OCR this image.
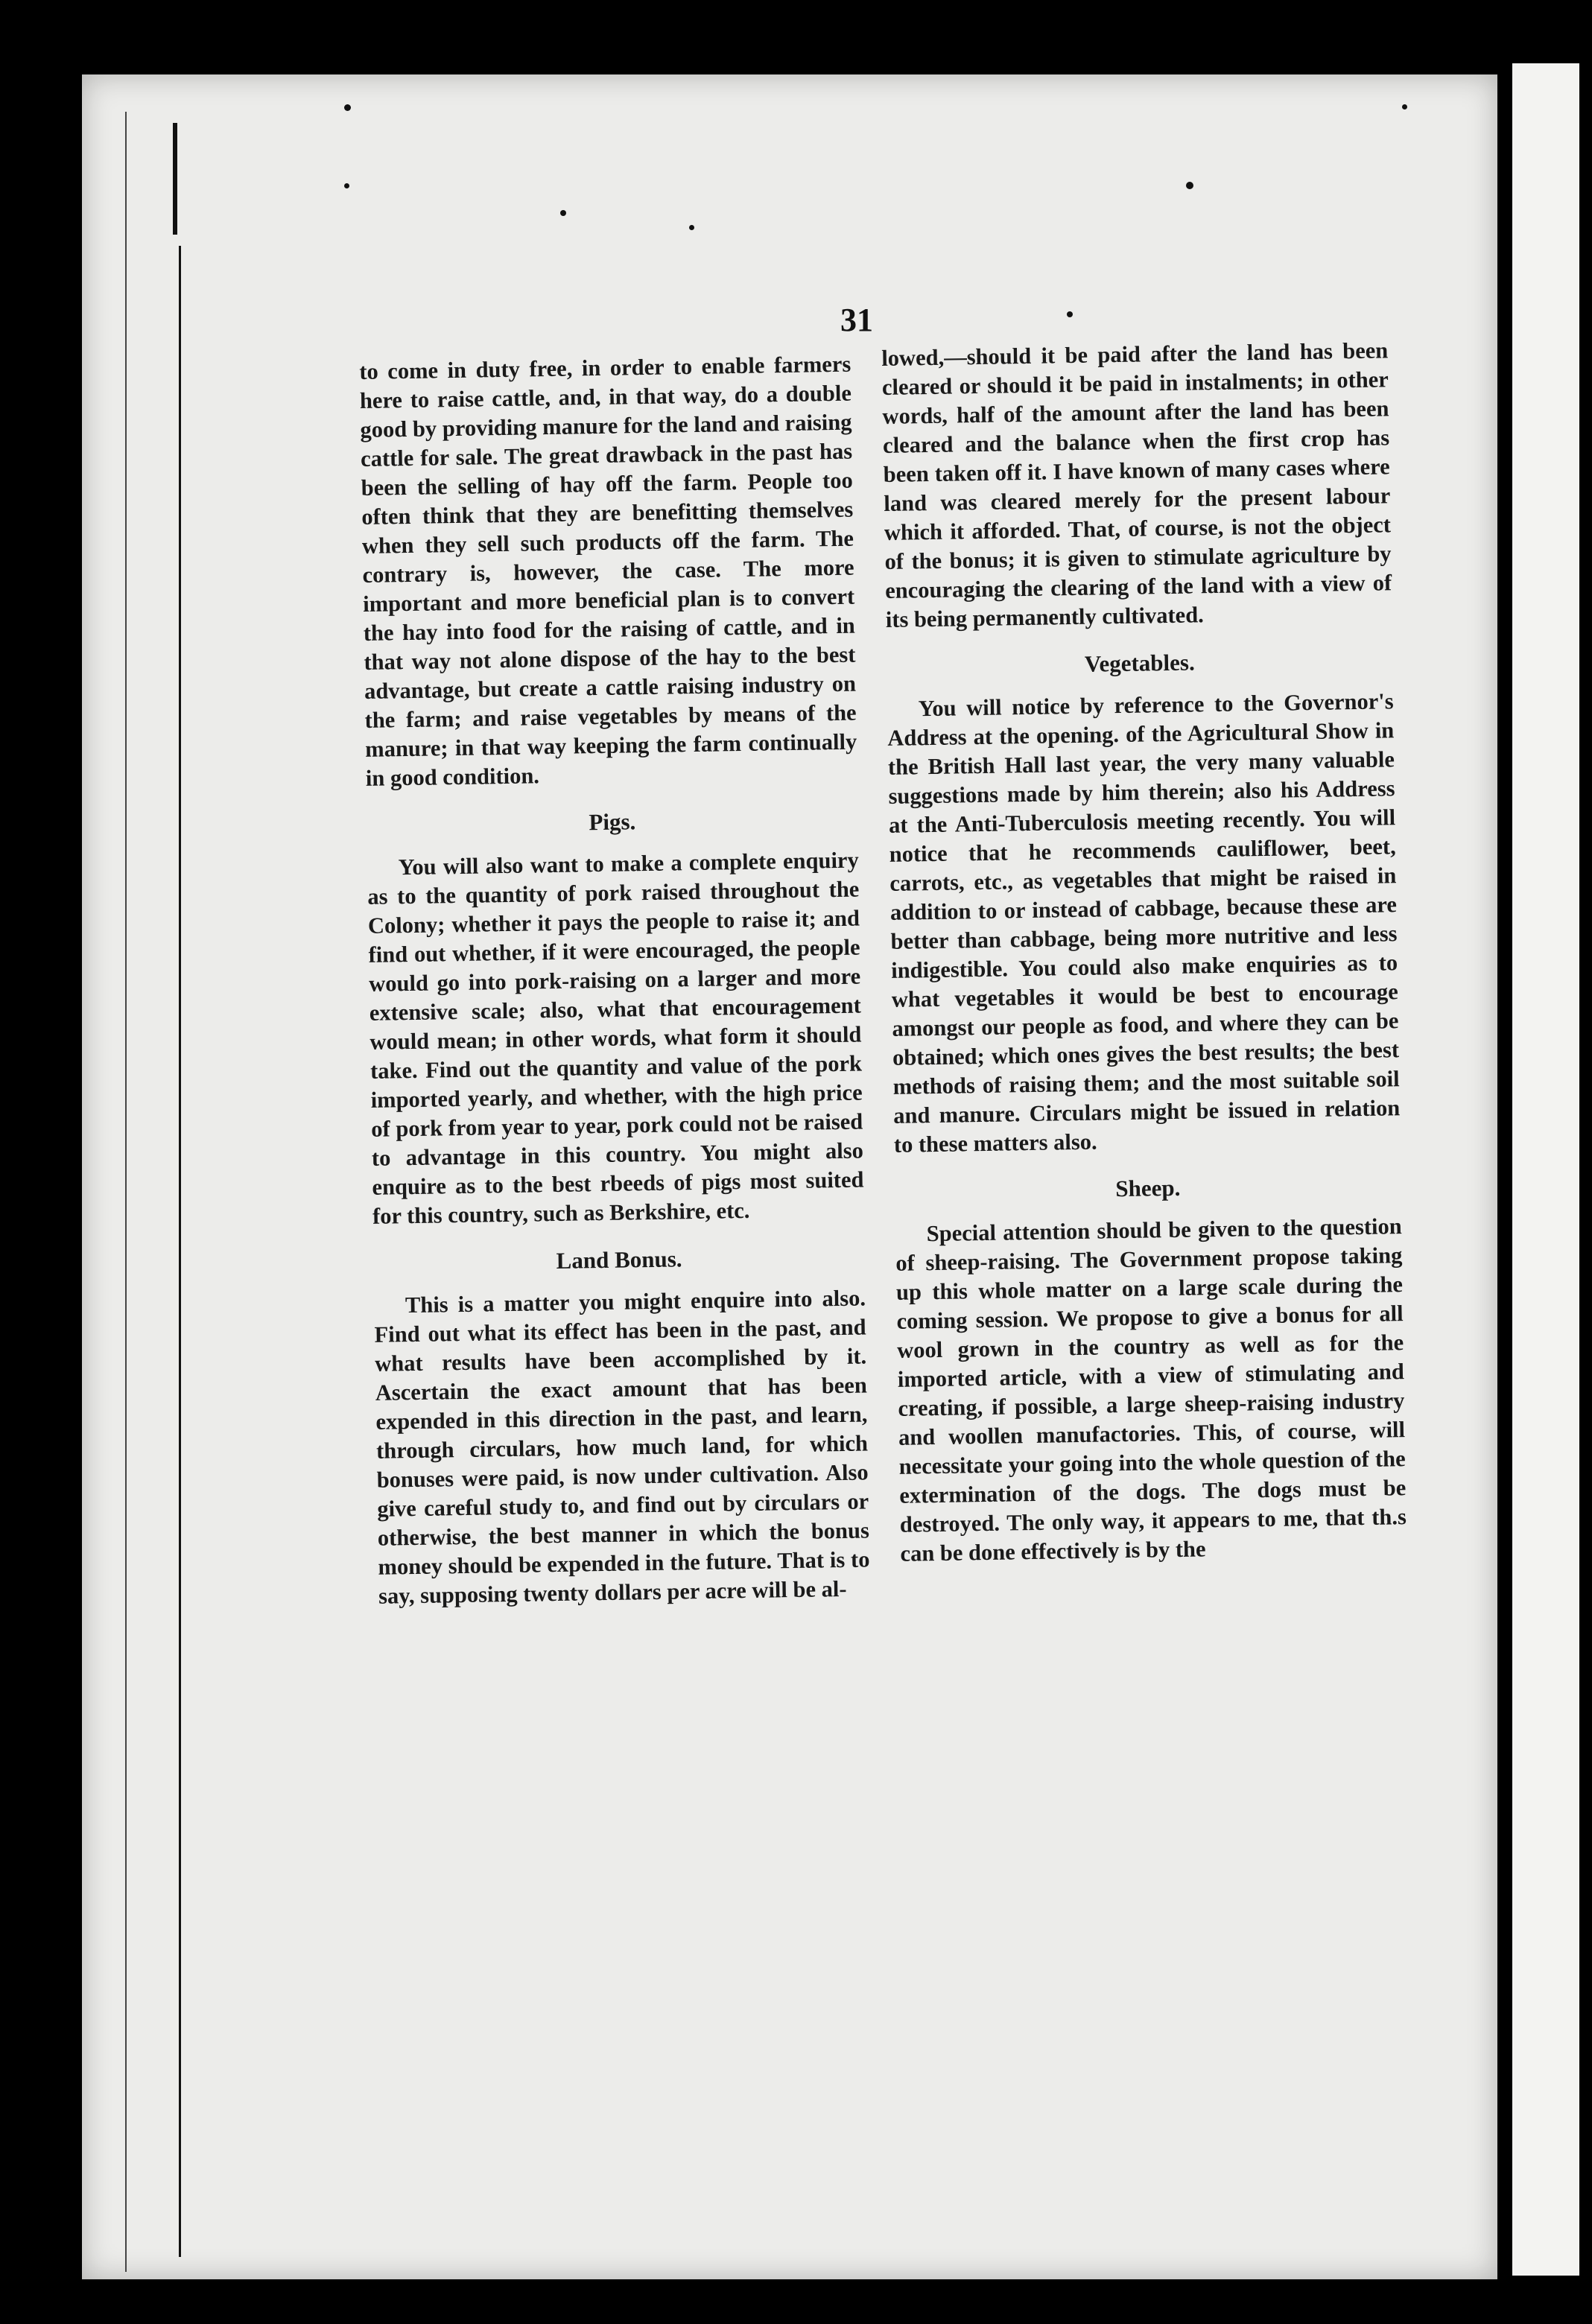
31

to come in duty free, in order to enable farmers here to raise cattle, and, in that way, do a double good by providing manure for the land and raising cattle for sale. The great drawback in the past has been the selling of hay off the farm. People too often think that they are benefitting themselves when they sell such products off the farm. The contrary is, however, the case. The more important and more beneficial plan is to convert the hay into food for the raising of cattle, and in that way not alone dispose of the hay to the best advantage, but create a cattle raising industry on the farm; and raise vegetables by means of the manure; in that way keeping the farm continually in good condition.

Pigs.

You will also want to make a complete enquiry as to the quantity of pork raised throughout the Colony; whether it pays the people to raise it; and find out whether, if it were encouraged, the people would go into pork-raising on a larger and more extensive scale; also, what that encouragement would mean; in other words, what form it should take. Find out the quantity and value of the pork imported yearly, and whether, with the high price of pork from year to year, pork could not be raised to advantage in this country. You might also enquire as to the best rbeeds of pigs most suited for this country, such as Berkshire, etc.

Land Bonus.

This is a matter you might enquire into also. Find out what its effect has been in the past, and what results have been accomplished by it. Ascertain the exact amount that has been expended in this direction in the past, and learn, through circulars, how much land, for which bonuses were paid, is now under cultivation. Also give careful study to, and find out by circulars or otherwise, the best manner in which the bonus money should be expended in the future. That is to say, supposing twenty dollars per acre will be al-

lowed,—should it be paid after the land has been cleared or should it be paid in instalments; in other words, half of the amount after the land has been cleared and the balance when the first crop has been taken off it. I have known of many cases where land was cleared merely for the present labour which it afforded. That, of course, is not the object of the bonus; it is given to stimulate agriculture by encouraging the clearing of the land with a view of its being permanently cultivated.

Vegetables.

You will notice by reference to the Governor's Address at the opening. of the Agricultural Show in the British Hall last year, the very many valuable suggestions made by him therein; also his Address at the Anti-Tuberculosis meeting recently. You will notice that he recommends cauliflower, beet, carrots, etc., as vegetables that might be raised in addition to or instead of cabbage, because these are better than cabbage, being more nutritive and less indigestible. You could also make enquiries as to what vegetables it would be best to encourage amongst our people as food, and where they can be obtained; which ones gives the best results; the best methods of raising them; and the most suitable soil and manure. Circulars might be issued in relation to these matters also.

Sheep.

Special attention should be given to the question of sheep-raising. The Government propose taking up this whole matter on a large scale during the coming session. We propose to give a bonus for all wool grown in the country as well as for the imported article, with a view of stimulating and creating, if possible, a large sheep-raising industry and woollen manufactories. This, of course, will necessitate your going into the whole question of the extermination of the dogs. The dogs must be destroyed. The only way, it appears to me, that th.s can be done effectively is by the
